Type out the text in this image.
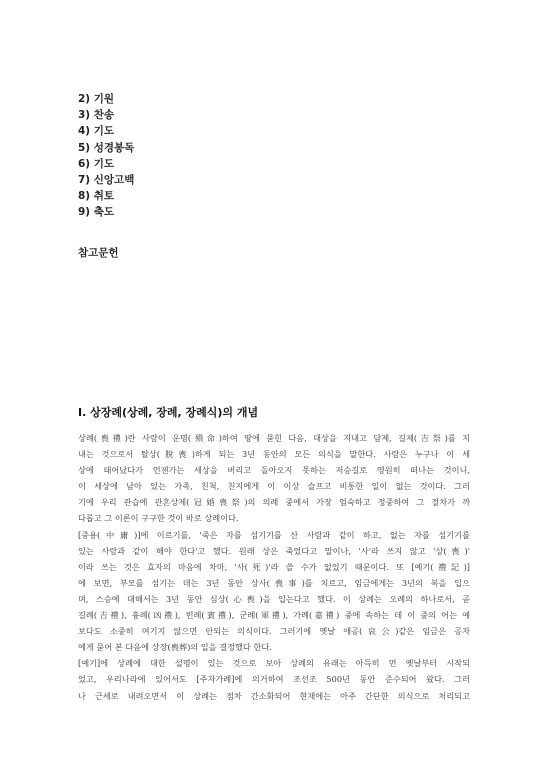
2) 기원
3) 찬송
4) 기도
5) 성경봉독
6) 기도
7) 신앙고백
8) 취토
9) 축도
참고문헌
Ⅰ. 상장례(상례, 장례, 장례식)의 개념
상례(喪禮)란 사람이 운명(殞命)하여 땅에 묻힌 다음, 대상을 지내고 담제, 길제(吉祭)를 지
내는 것으로서 탈상(脫喪)하게 되는 3년 동안의 모든 의식을 말한다. 사람은 누구나 이 세
상에 태어났다가 언젠가는 세상을 버리고 돌아오지 못하는 저승길로 영원히 떠나는 것이니,
이 세상에 남아 있는 가족, 친척, 친지에게 이 이상 슬프고 비통한 일이 없는 것이다. 그러
기에 우리 관습에 관혼상제(冠婚喪祭)의 의례 중에서 가장 엄숙하고 정중하여 그 절차가 까
다롭고 그 이론이 구구한 것이 바로 상례이다.
[중용(中庸)]에 이르기를, '죽은 자를 섬기기를 산 사람과 같이 하고, 없는 자를 섬기기를
있는 사람과 같이 해야 한다'고 했다. 원래 상은 죽었다고 말이나, '사'라 쓰지 않고 '상(喪)'
이라 쓰는 것은 효자의 마음에 차마, '사(死)'라 쓸 수가 없었기 때문이다. 또 [예기(禮記)]
에 보면, 부모를 섬기는 데는 3년 동안 상사(喪事)를 치르고, 임금에게는 3년의 복을 입으
며, 스승에 대해서는 3년 동안 심상(心喪)을 입는다고 했다. 이 상례는 오례의 하나로서, 곧
길례(吉禮), 흉례(凶禮), 빈례(賓禮), 군례(軍禮), 가례(嘉禮) 중에 속하는 데 이 중의 어는 예
보다도 소중히 여기지 않으면 안되는 의식이다. 그러기에 옛날 애공(哀公)같은 임금은 공자
에게 묻어 본 다음에 상장(喪葬)의 일을 결정했다 한다.
[예기]에 상례에 대한 설명이 있는 것으로 보아 상례의 유래는 아득히 먼 옛날부터 시작되
었고, 우리나라에 있어서도 [주자가례]에 의거하여 조선조 500년 동안 준수되어 왔다. 그러
나 근세로 내려오면서 이 상례는 점차 간소화되어 현재에는 아주 간단한 의식으로 처리되고
